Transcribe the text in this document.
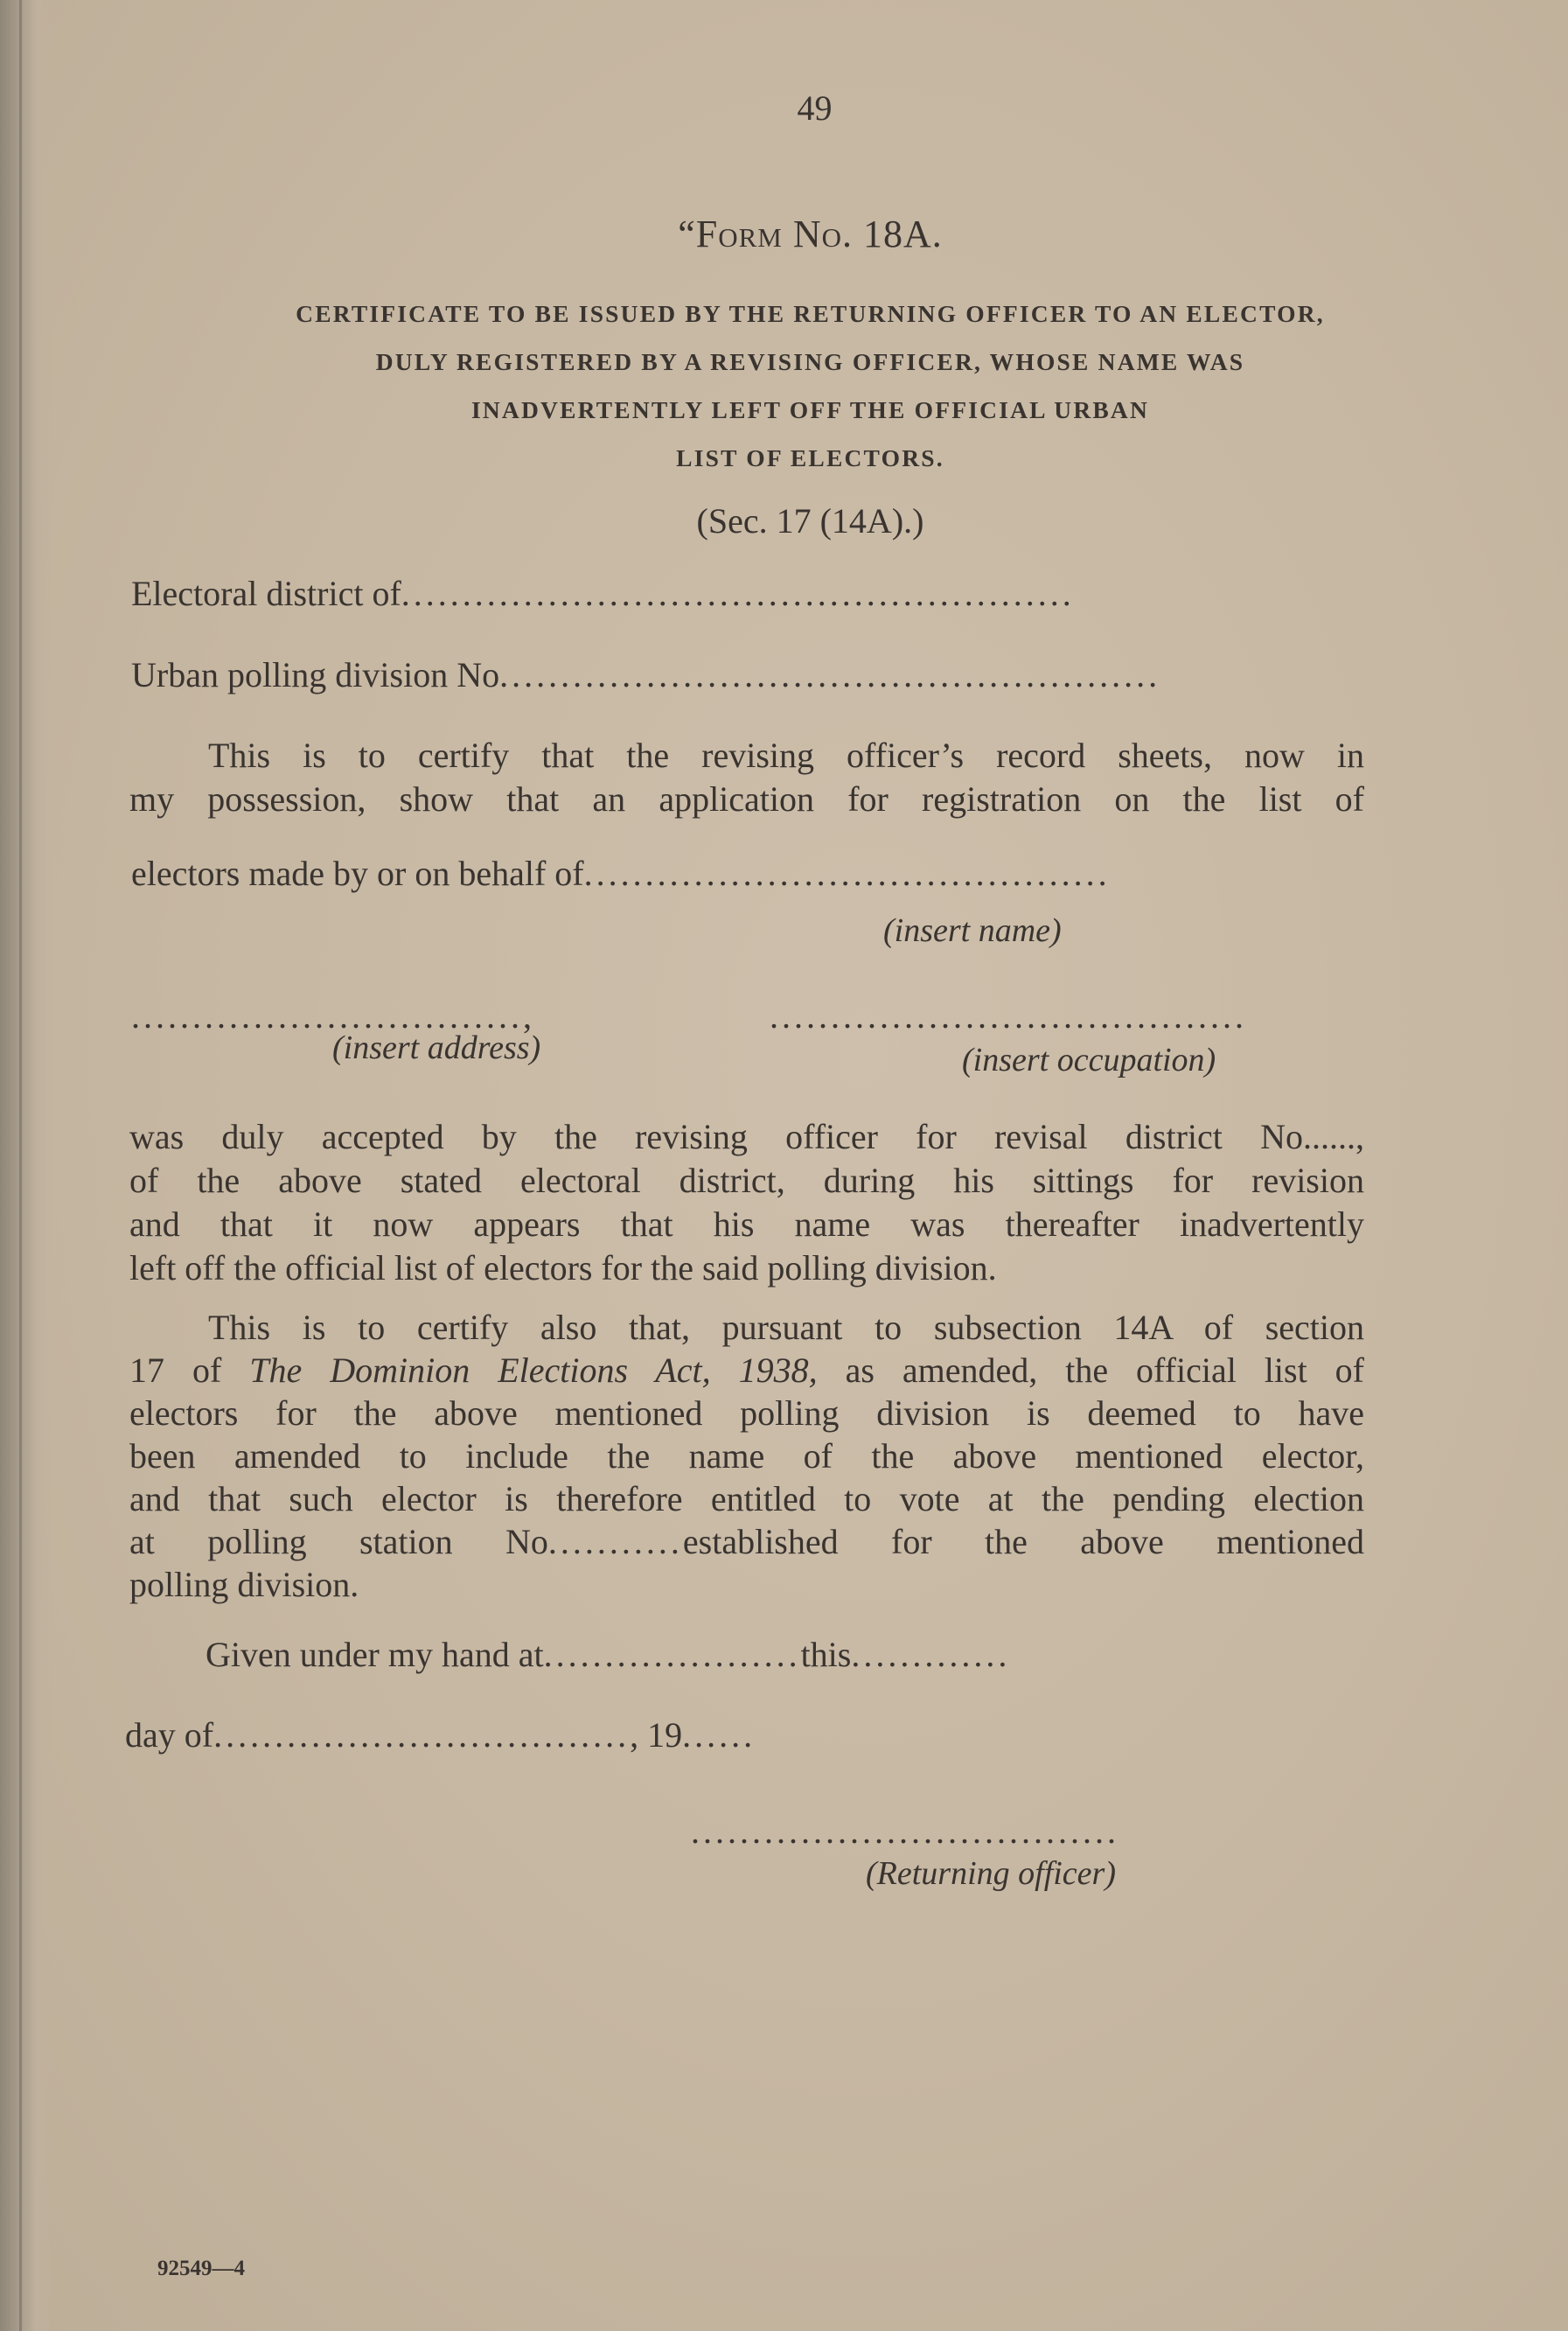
49
“Form No. 18A.
CERTIFICATE TO BE ISSUED BY THE RETURNING OFFICER TO AN ELECTOR,
DULY REGISTERED BY A REVISING OFFICER, WHOSE NAME WAS
INADVERTENTLY LEFT OFF THE OFFICIAL URBAN
LIST OF ELECTORS.
(Sec. 17 (14A).)
Electoral district of.......................................................
Urban polling division No......................................................
This is to certify that the revising officer’s record sheets, now in
my possession, show that an application for registration on the list of
electors made by or on behalf of...........................................
(insert name)
................................,	.......................................
(insert address)	(insert occupation)
was duly accepted by the revising officer for revisal district No......,
of the above stated electoral district, during his sittings for revision
and that it now appears that his name was thereafter inadvertently
left off the official list of electors for the said polling division.
This is to certify also that, pursuant to subsection 14A of section
17 of The Dominion Elections Act, 1938, as amended, the official list of
electors for the above mentioned polling division is deemed to have
been amended to include the name of the above mentioned elector,
and that such elector is therefore entitled to vote at the pending election
at polling station No...........established for the above mentioned
polling division.
Given under my hand at.....................this.............
day of.................................., 19......
...................................
(Returning officer)
92549—4
